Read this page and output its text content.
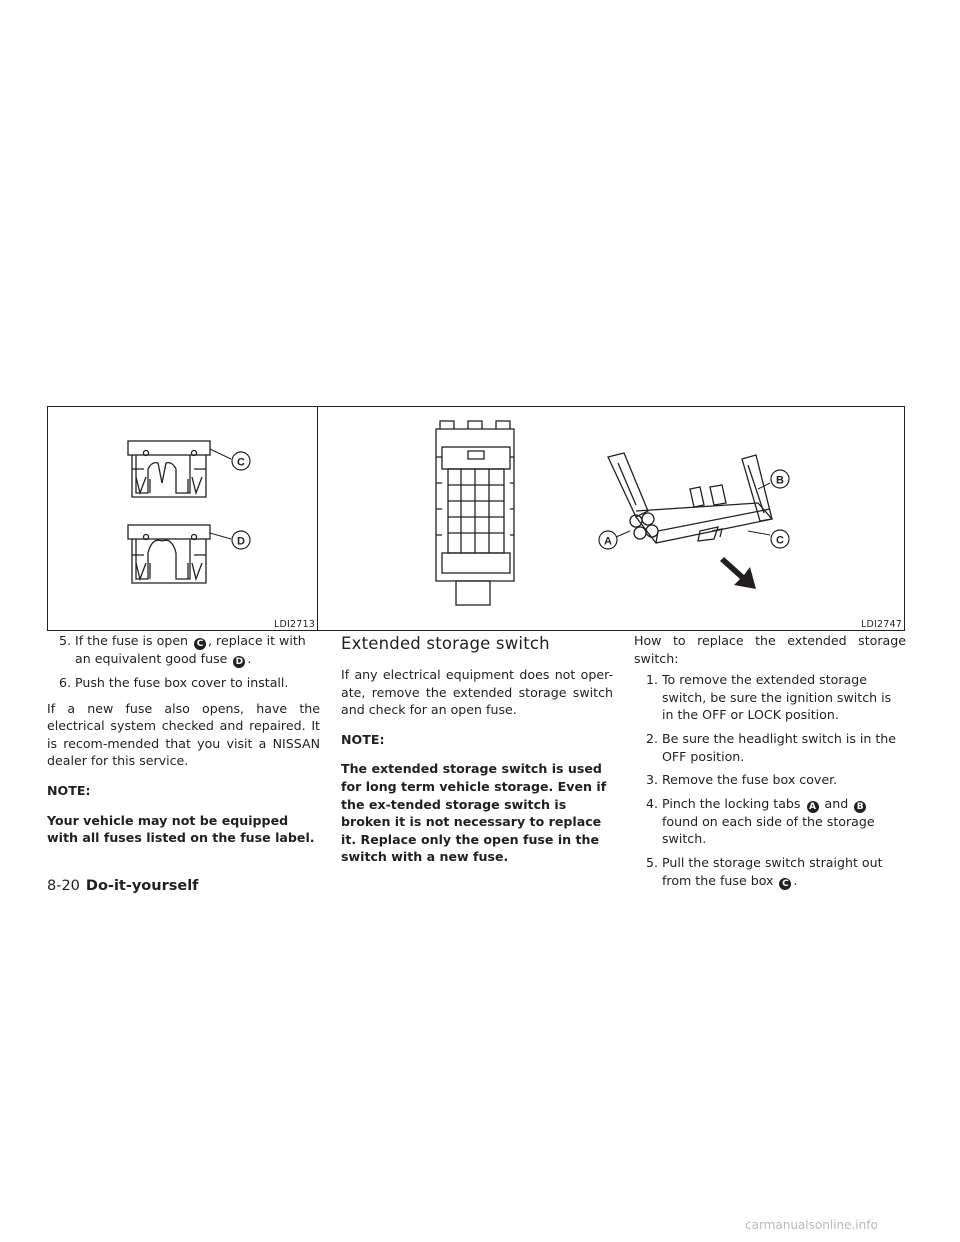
C
D
LDI2713
A
B
C
LDI2747
5. If the fuse is open C , replace it with an equivalent good fuse D .
6. Push the fuse box cover to install.

If a new fuse also opens, have the electrical system checked and repaired. It is recom-mended that you visit a NISSAN dealer for this service.

NOTE:

Your vehicle may not be equipped with all fuses listed on the fuse label.

Extended storage switch

If any electrical equipment does not oper-ate, remove the extended storage switch and check for an open fuse.

NOTE:

The extended storage switch is used for long term vehicle storage. Even if the ex-tended storage switch is broken it is not necessary to replace it. Replace only the open fuse in the switch with a new fuse.

How to replace the extended storage switch:

1. To remove the extended storage switch, be sure the ignition switch is in the OFF or LOCK position.
2. Be sure the headlight switch is in the OFF position.
3. Remove the fuse box cover.
4. Pinch the locking tabs A and B found on each side of the storage switch.
5. Pull the storage switch straight out from the fuse box C .
8-20 Do-it-yourself
carmanualsonline.info
